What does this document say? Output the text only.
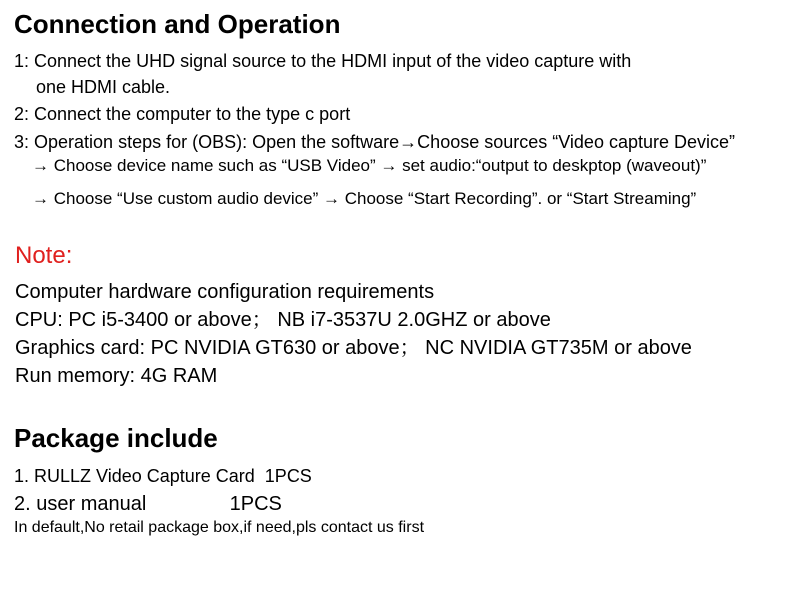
Connection and Operation
1: Connect the UHD signal source to the HDMI input of the video capture with
one HDMI cable.
2: Connect the computer to the type c port
3: Operation steps for (OBS): Open the software→Choose sources “Video capture Device”
→ Choose device name such as “USB Video” → set audio:“output to deskptop (waveout)”
→ Choose “Use custom audio device” → Choose “Start Recording”. or “Start Streaming”
Note:
Computer hardware configuration requirements
CPU: PC i5-3400 or above； NB i7-3537U 2.0GHZ or above
Graphics card: PC NVIDIA GT630 or above； NC NVIDIA GT735M or above
Run memory: 4G RAM
Package include
1. RULLZ Video Capture Card  1PCS
2. user manual               1PCS
In default,No retail package box,if need,pls contact us first
